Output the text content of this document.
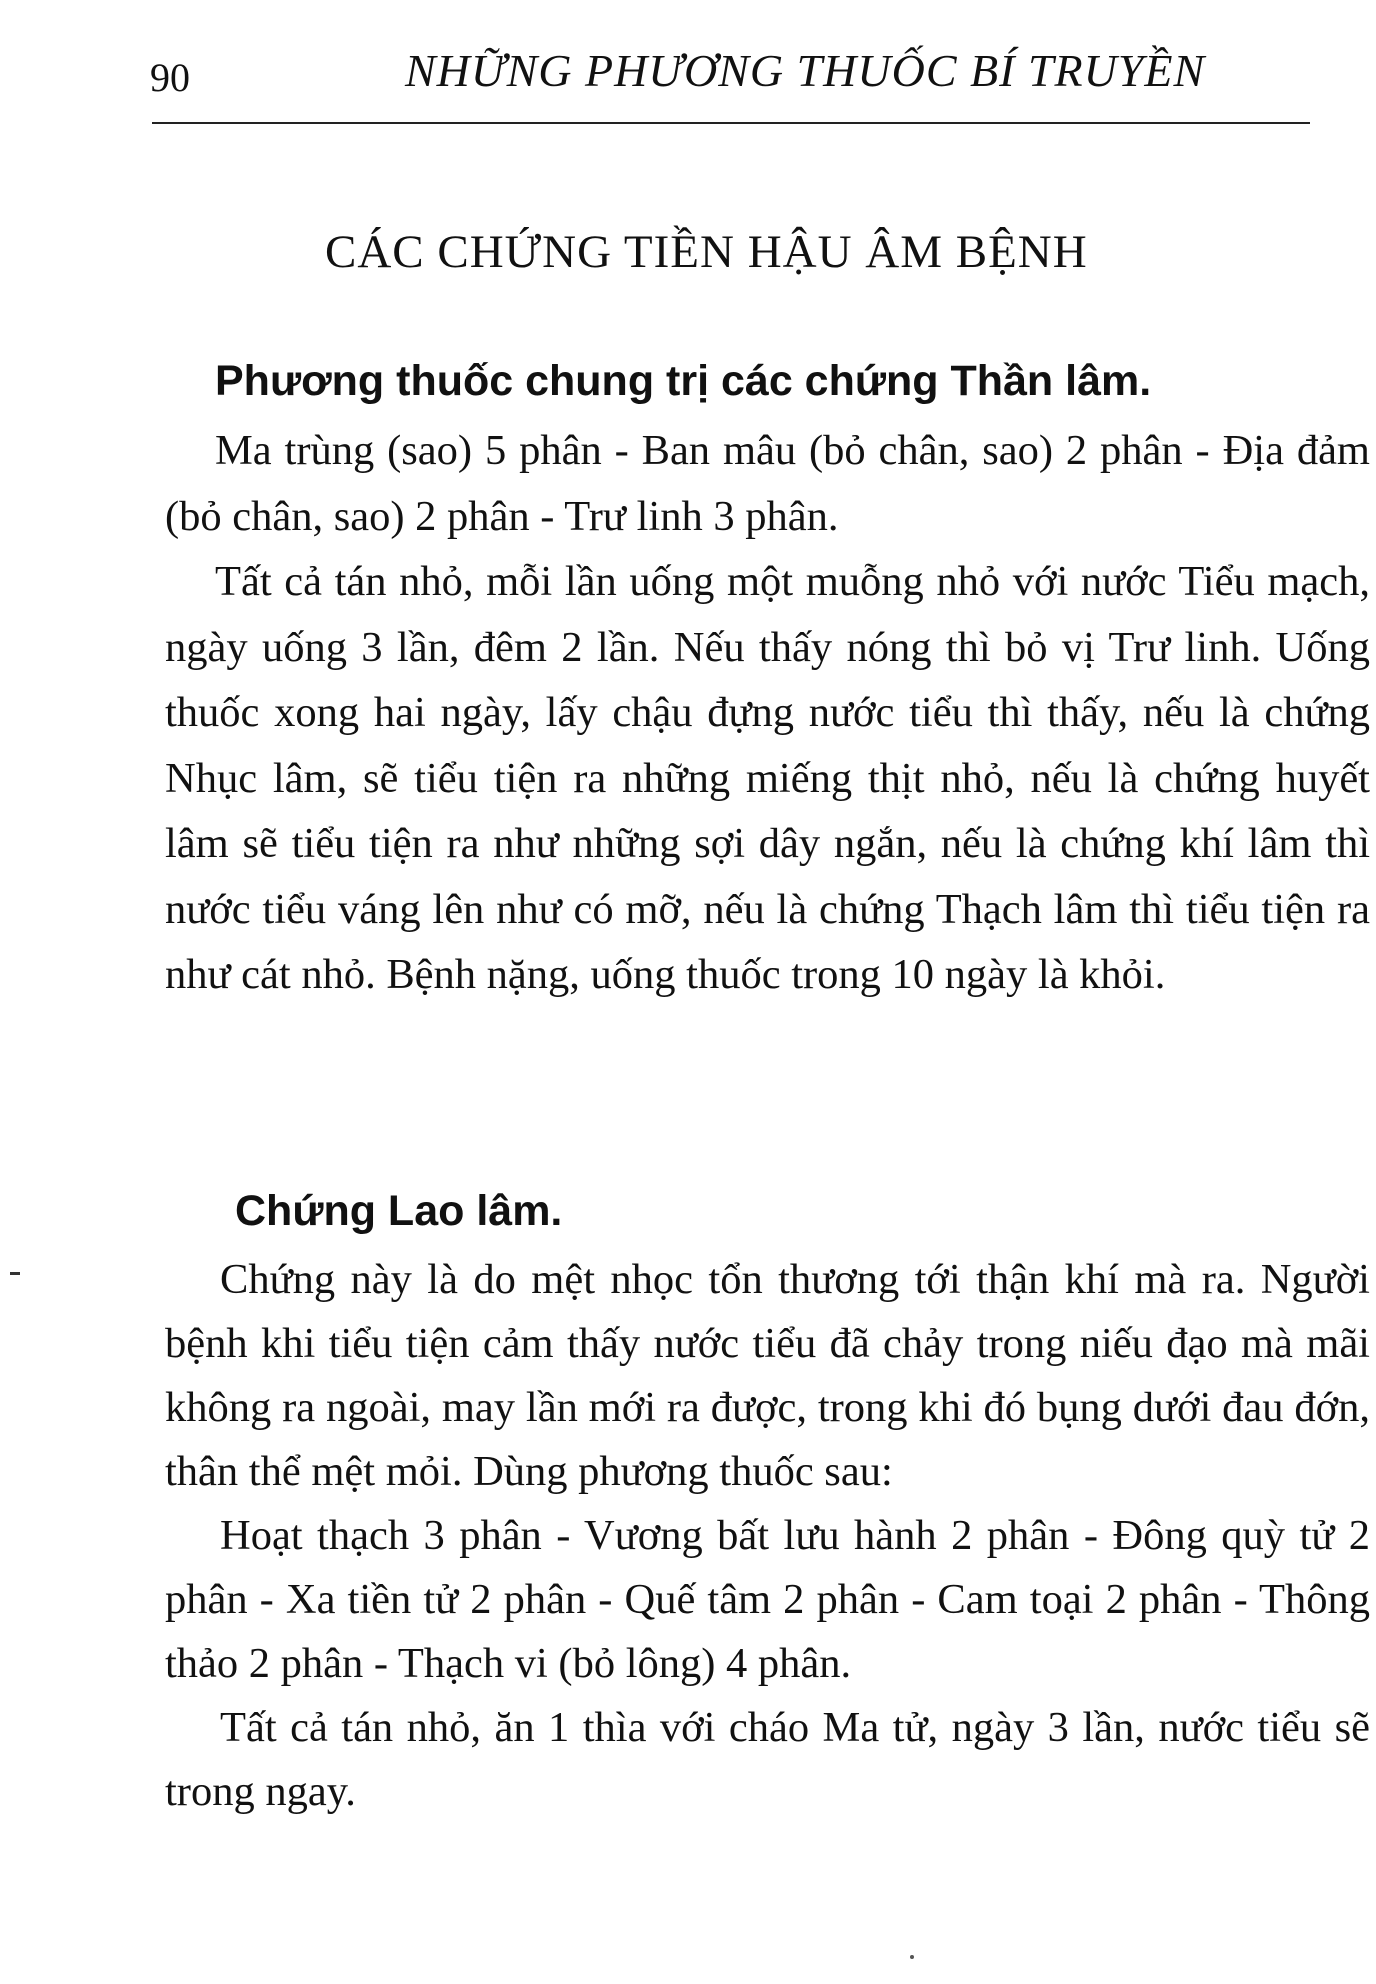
90	NHỮNG PHƯƠNG THUỐC BÍ TRUYỀN
CÁC CHỨNG TIỀN HẬU ÂM BỆNH
Phương thuốc chung trị các chứng Thần lâm.

Ma trùng (sao) 5 phân - Ban mâu (bỏ chân, sao) 2 phân - Địa đảm (bỏ chân, sao) 2 phân - Trư linh 3 phân.

Tất cả tán nhỏ, mỗi lần uống một muỗng nhỏ với nước Tiểu mạch, ngày uống 3 lần, đêm 2 lần. Nếu thấy nóng thì bỏ vị Trư linh. Uống thuốc xong hai ngày, lấy chậu đựng nước tiểu thì thấy, nếu là chứng Nhục lâm, sẽ tiểu tiện ra những miếng thịt nhỏ, nếu là chứng huyết lâm sẽ tiểu tiện ra như những sợi dây ngắn, nếu là chứng khí lâm thì nước tiểu váng lên như có mỡ, nếu là chứng Thạch lâm thì tiểu tiện ra như cát nhỏ. Bệnh nặng, uống thuốc trong 10 ngày là khỏi.

Chứng Lao lâm.

Chứng này là do mệt nhọc tổn thương tới thận khí mà ra. Người bệnh khi tiểu tiện cảm thấy nước tiểu đã chảy trong niếu đạo mà mãi không ra ngoài, may lần mới ra được, trong khi đó bụng dưới đau đớn, thân thể mệt mỏi. Dùng phương thuốc sau:

Hoạt thạch 3 phân - Vương bất lưu hành 2 phân - Đông quỳ tử 2 phân - Xa tiền tử 2 phân - Quế tâm 2 phân - Cam toại 2 phân - Thông thảo 2 phân - Thạch vi (bỏ lông) 4 phân.

Tất cả tán nhỏ, ăn 1 thìa với cháo Ma tử, ngày 3 lần, nước tiểu sẽ trong ngay.
